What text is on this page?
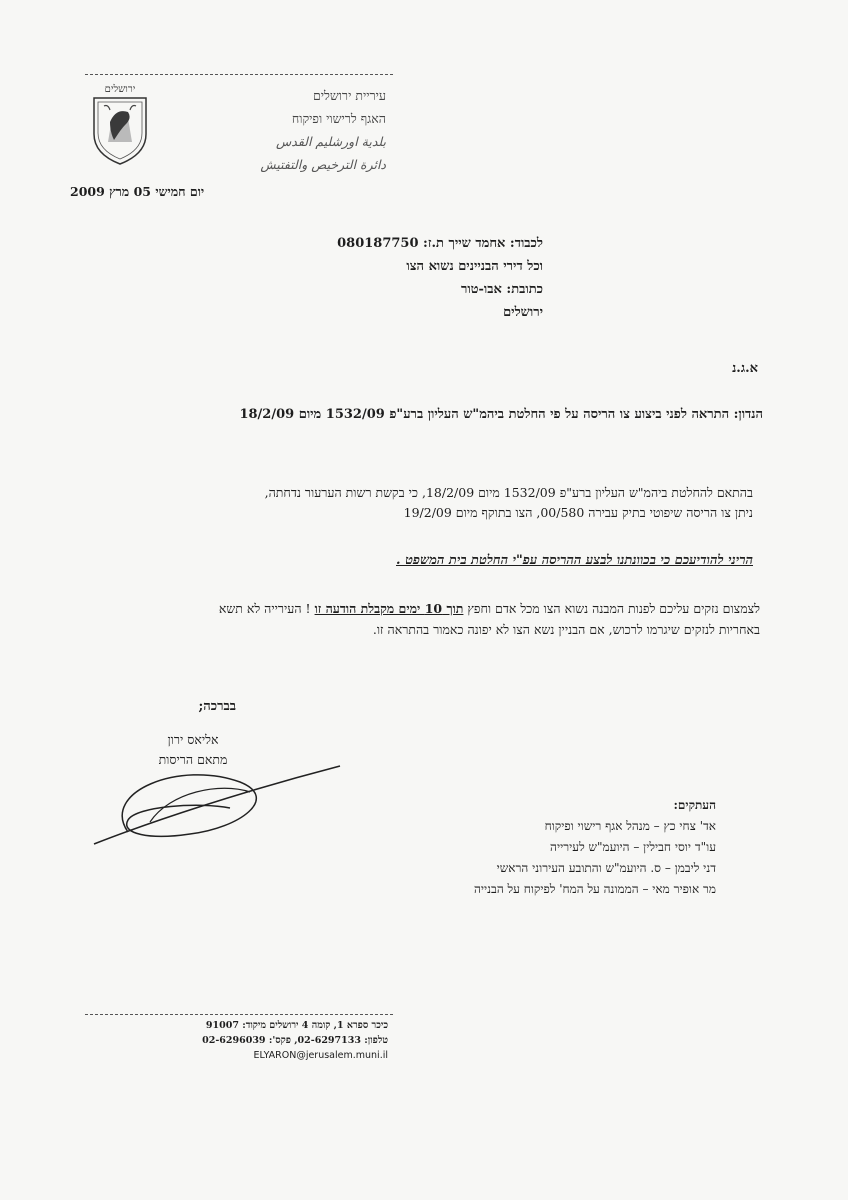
ירושלים	עיריית ירושלים
האגף לרישוי ופיקוח
بلدية اورشليم القدس
دائرة الترخيص والتفتيش
יום חמישי 05 מרץ 2009
לכבוד: אחמד שייך ת.ז: 080187750
וכל דירי הבניינים נשוא הצו
כתובת: אבו-טור
ירושלים
א.ג.נ
הנדון: התראה לפני ביצוע צו הריסה על פי החלטת ביהמ"ש העליון ברע"פ 1532/09 מיום 18/2/09
בהתאם להחלטת ביהמ"ש העליון ברע"פ 1532/09 מיום 18/2/09, כי בקשת רשות הערעור נדחתה,
ניתן צו הריסה שיפוטי בתיק עבירה 00/580, הצו בתוקף מיום 19/2/09
הריני להודיעכם כי בכוונתנו לבצע ההריסה עפ"י החלטת בית המשפט .
לצמצום נזקים עליכם לפנות המבנה נשוא הצו מכל אדם וחפץ תוך 10 ימים מקבלת הודעה זו ! העירייה לא תשא
באחריות לנזקים שיגרמו לרכוש, אם הבניין נשא הצו לא יפונה כאמור בהתראה זו.
בברכה;
אליאס ירון
מתאם הריסות
העתקים:
אד' צחי כץ – מנהל אגף רישוי ופיקוח
עו"ד יוסי חבילין – היועמ"ש לעירייה
דני ליבמן – ס. היועמ"ש והתובע העירוני הראשי
מר אופיר מאי – הממונה על המח' לפיקוח על הבנייה
כיכר ספרא 1, קומה 4 ירושלים מיקוד: 91007
טלפון: 02-6297133, פקס': 02-6296039
ELYARON@jerusalem.muni.il
